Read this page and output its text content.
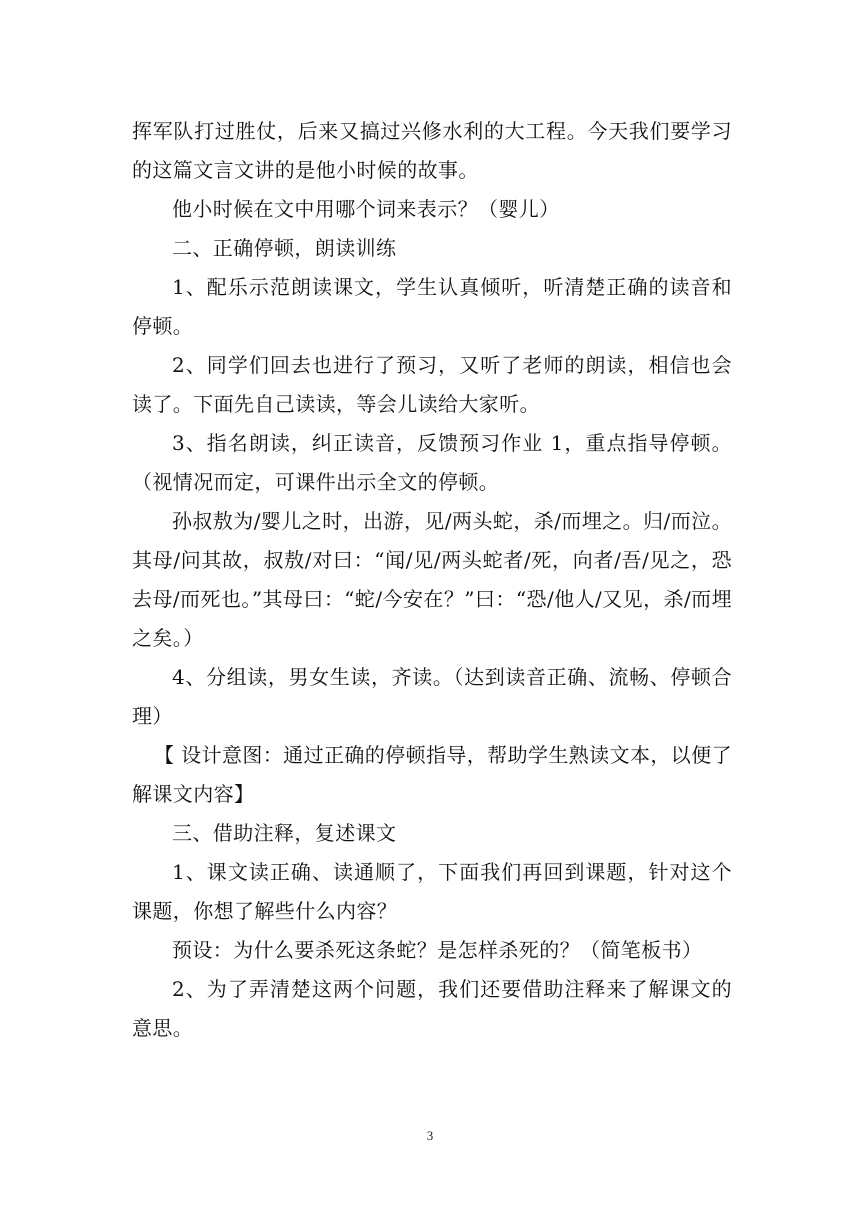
挥军队打过胜仗，后来又搞过兴修水利的大工程。今天我们要学习的这篇文言文讲的是他小时候的故事。

他小时候在文中用哪个词来表示？（婴儿）

二、正确停顿，朗读训练

1、配乐示范朗读课文，学生认真倾听，听清楚正确的读音和停顿。

2、同学们回去也进行了预习，又听了老师的朗读，相信也会读了。下面先自己读读，等会儿读给大家听。

3、指名朗读，纠正读音，反馈预习作业 1，重点指导停顿。（视情况而定，可课件出示全文的停顿。

孙叔敖为/婴儿之时，出游，见/两头蛇，杀/而埋之。归/而泣。其母/问其故，叔敖/对曰：“闻/见/两头蛇者/死，向者/吾/见之，恐去母/而死也。”其母曰：“蛇/今安在？”曰：“恐/他人/又见，杀/而埋之矣。）

4、分组读，男女生读，齐读。（达到读音正确、流畅、停顿合理）

【 设计意图：通过正确的停顿指导，帮助学生熟读文本，以便了解课文内容】

三、借助注释，复述课文

1、课文读正确、读通顺了，下面我们再回到课题，针对这个课题，你想了解些什么内容？

预设：为什么要杀死这条蛇？是怎样杀死的？（简笔板书）

2、为了弄清楚这两个问题，我们还要借助注释来了解课文的意思。

3
